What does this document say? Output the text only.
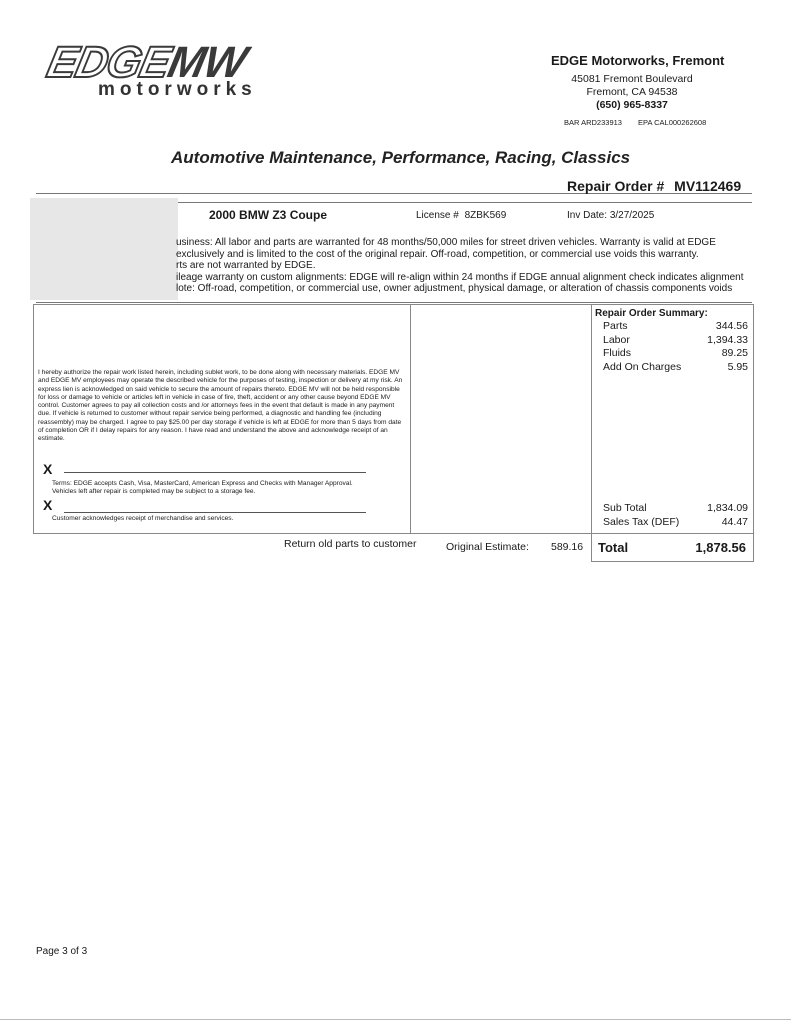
EDGEMW
motorworks
EDGE Motorworks, Fremont
45081 Fremont Boulevard
Fremont, CA 94538
(650) 965-8337
BAR ARD233913 EPA CAL000262608
Automotive Maintenance, Performance, Racing, Classics
Repair Order # MV112469
2000 BMW Z3 Coupe	License # 8ZBK569	Inv Date: 3/27/2025
usiness: All labor and parts are warranted for 48 months/50,000 miles for street driven vehicles. Warranty is valid at EDGE
exclusively and is limited to the cost of the original repair. Off-road, competition, or commercial use voids this warranty.
rts are not warranted by EDGE.
ileage warranty on custom alignments: EDGE will re-align within 24 months if EDGE annual alignment check indicates alignment
lote: Off-road, competition, or commercial use, owner adjustment, physical damage, or alteration of chassis components voids
I hereby authorize the repair work listed herein, including sublet work, to be done along with necessary materials. EDGE MV and EDGE MV employees may operate the described vehicle for the purposes of testing, inspection or delivery at my risk. An express lien is acknowledged on said vehicle to secure the amount of repairs thereto. EDGE MV will not be held responsible for loss or damage to vehicle or articles left in vehicle in case of fire, theft, accident or any other cause beyond EDGE MV control. Customer agrees to pay all collection costs and /or attorneys fees in the event that default is made in any payment due. If vehicle is returned to customer without repair service being performed, a diagnostic and handling fee (including reassembly) may be charged. I agree to pay $25.00 per day storage if vehicle is left at EDGE for more than 5 days from date of completion OR if I delay repairs for any reason. I have read and understand the above and acknowledge receipt of an estimate.
X
Terms: EDGE accepts Cash, Visa, MasterCard, American Express and Checks with Manager Approval.
Vehicles left after repair is completed may be subject to a storage fee.
X
Customer acknowledges receipt of merchandise and services.
Repair Order Summary:
Parts	344.56
Labor	1,394.33
Fluids	89.25
Add On Charges	5.95
Sub Total	1,834.09
Sales Tax (DEF)	44.47
Return old parts to customer	Original Estimate: 589.16 Total	1,878.56
Page 3 of 3
